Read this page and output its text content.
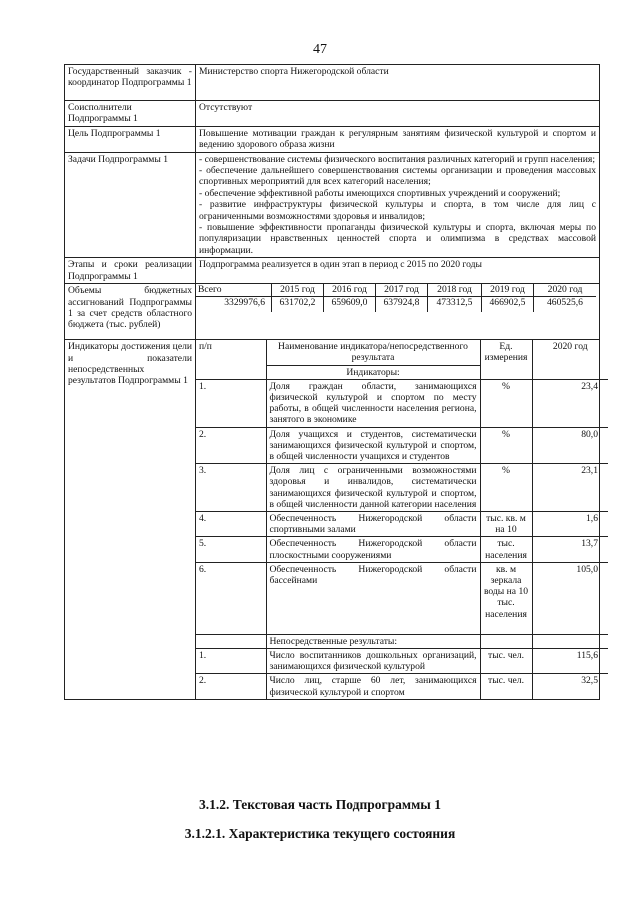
47
Государственный заказчик - координатор Подпрограммы 1	Министерство спорта Нижегородской области
Соисполнители Подпрограммы 1	Отсутствуют
Цель Подпрограммы 1	Повышение мотивации граждан к регулярным занятиям физической культурой и спортом и ведению здорового образа жизни
Задачи Подпрограммы 1	- совершенствование системы физического воспитания различных категорий и групп населения;
- обеспечение дальнейшего совершенствования системы организации и проведения массовых спортивных мероприятий для всех категорий населения;
- обеспечение эффективной работы имеющихся спортивных учреждений и сооружений;
- развитие инфраструктуры физической культуры и спорта, в том числе для лиц с ограниченными возможностями здоровья и инвалидов;
- повышение эффективности пропаганды физической культуры и спорта, включая меры по популяризации нравственных ценностей спорта и олимпизма в средствах массовой информации.

Этапы и сроки реализации Подпрограммы 1	Подпрограмма реализуется в один этап в период с 2015 по 2020 годы
Объемы бюджетных ассигнований Подпрограммы 1 за счет средств областного бюджета (тыс. рублей)	
Всего	2015 год	2016 год	2017 год	2018 год	2019 год	2020 год
3329976,6	631702,2	659609,0	637924,8	473312,5	466902,5	460525,6

Индикаторы достижения цели и показатели непосредственных результатов Подпрограммы 1	
п/п	Наименование индикатора/непосредственного результата	Ед. измерения	2020 год
Индикаторы:
1.	Доля граждан области, занимающихся физической культурой и спортом по месту работы, в общей численности населения региона, занятого в экономике	%	23,4
2.	Доля учащихся и студентов, систематически занимающихся физической культурой и спортом, в общей численности учащихся и студентов	%	80,0
3.	Доля лиц с ограниченными возможностями здоровья и инвалидов, систематически занимающихся физической культурой и спортом, в общей численности данной категории населения	%	23,1
4.	Обеспеченность Нижегородской области спортивными залами	тыс. кв. м на 10	1,6
5.	Обеспеченность Нижегородской области плоскостными сооружениями	тыс. населения	13,7
6.	Обеспеченность Нижегородской области бассейнами	кв. м зеркала воды на 10 тыс. населения	105,0
	Непосредственные результаты:		
1.	Число воспитанников дошкольных организаций, занимающихся физической культурой	тыс. чел.	115,6
2.	Число лиц, старше 60 лет, занимающихся физической культурой и спортом	тыс. чел.	32,5
3.1.2. Текстовая часть Подпрограммы 1
3.1.2.1. Характеристика текущего состояния
